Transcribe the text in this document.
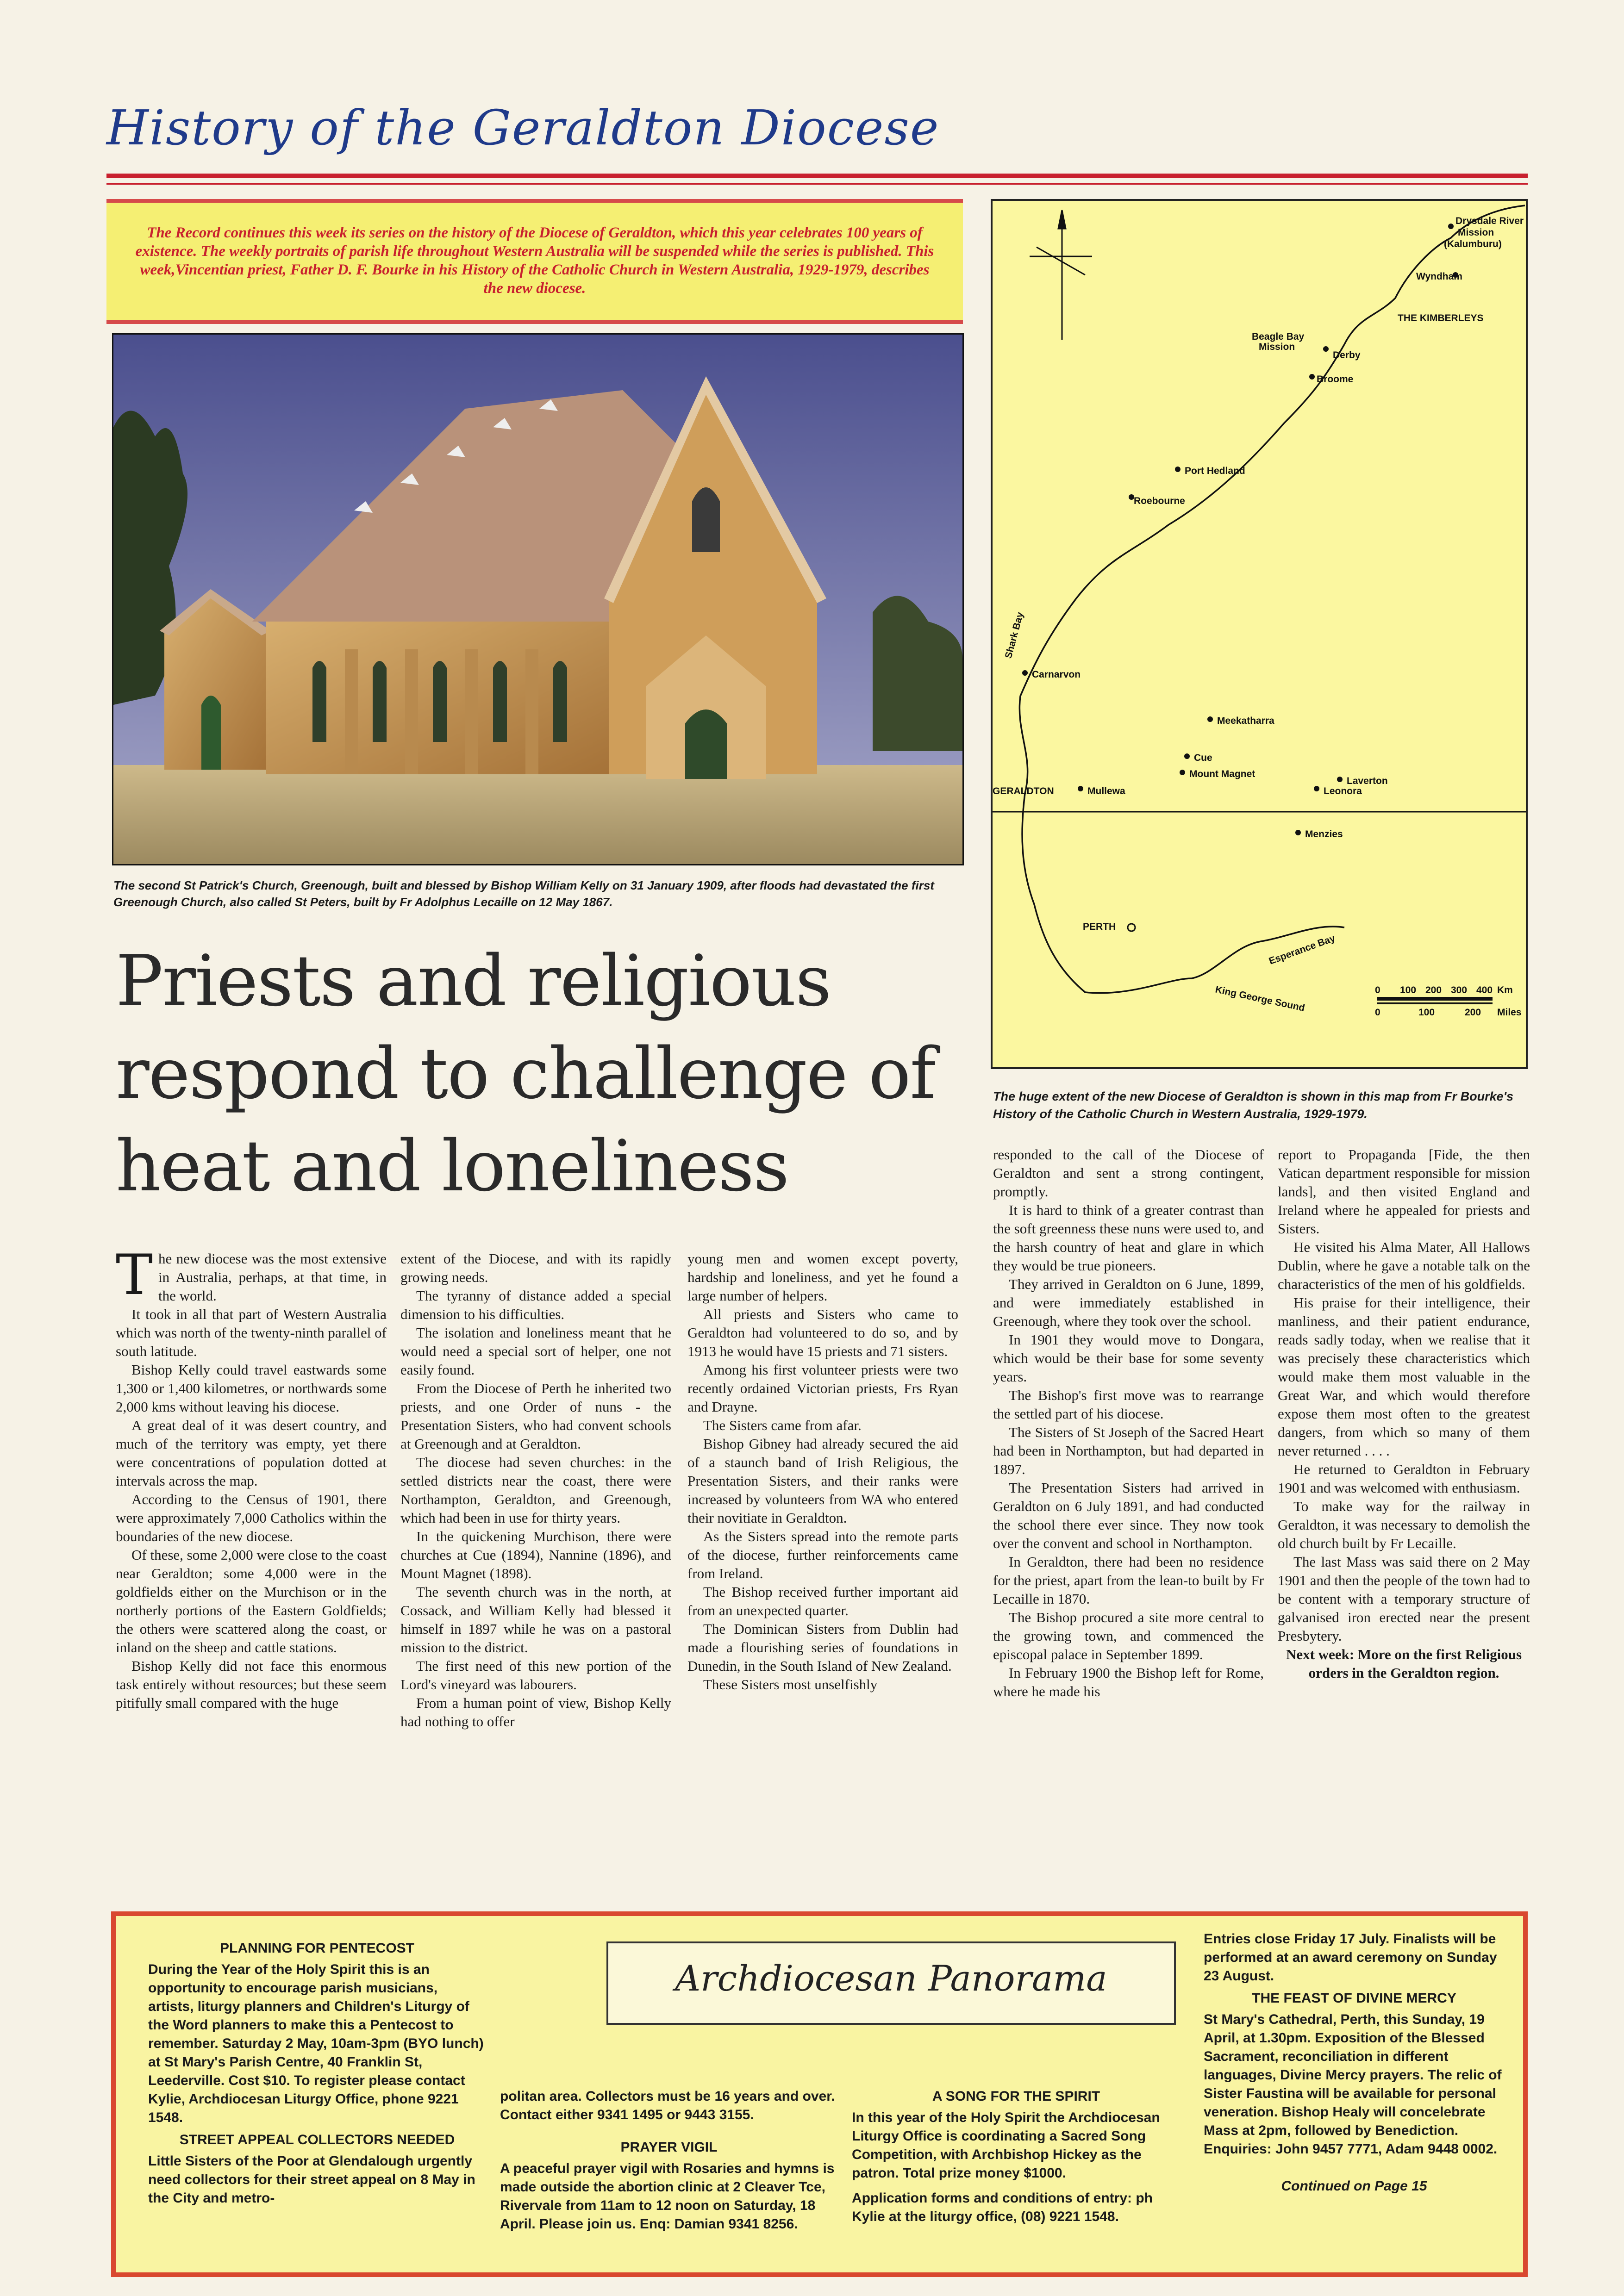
History of the Geraldton Diocese
The Record continues this week its series on the history of the Diocese of Geraldton, which this year celebrates 100 years of existence. The weekly portraits of parish life throughout Western Australia will be suspended while the series is published. This week,Vincentian priest, Father D. F. Bourke in his History of the Catholic Church in Western Australia, 1929-1979, describes the new diocese.
The second St Patrick's Church, Greenough, built and blessed by Bishop William Kelly on 31 January 1909, after floods had devastated the first Greenough Church, also called St Peters, built by Fr Adolphus Lecaille on 12 May 1867.
Drysdale River
Mission
(Kalumburu)
Wyndham
THE KIMBERLEYS
Beagle Bay
Mission
Derby
Broome
Port Hedland
Roebourne
Shark Bay
Carnarvon
Meekatharra
Cue
Mount Magnet
Laverton
Leonora
GERALDTON	Mullewa
Menzies
PERTH
Esperance Bay
King George Sound	0 100 200 300 400 Km
0	100	200 Miles
The huge extent of the new Diocese of Geraldton is shown in this map from Fr Bourke's History of the Catholic Church in Western Australia, 1929-1979.
Priests and religious respond to challenge of heat and loneliness

The new diocese was the most extensive in Australia, perhaps, at that time, in the world.

It took in all that part of Western Australia which was north of the twenty-ninth parallel of south latitude.

Bishop Kelly could travel eastwards some 1,300 or 1,400 kilometres, or northwards some 2,000 kms without leaving his diocese.

A great deal of it was desert country, and much of the territory was empty, yet there were concentrations of population dotted at intervals across the map.

According to the Census of 1901, there were approximately 7,000 Catholics within the boundaries of the new diocese.

Of these, some 2,000 were close to the coast near Geraldton; some 4,000 were in the goldfields either on the Murchison or in the northerly portions of the Eastern Goldfields; the others were scattered along the coast, or inland on the sheep and cattle stations.

Bishop Kelly did not face this enormous task entirely without resources; but these seem pitifully small compared with the huge

extent of the Diocese, and with its rapidly growing needs.

The tyranny of distance added a special dimension to his difficulties.

The isolation and loneliness meant that he would need a special sort of helper, one not easily found.

From the Diocese of Perth he inherited two priests, and one Order of nuns - the Presentation Sisters, who had convent schools at Greenough and at Geraldton.

The diocese had seven churches: in the settled districts near the coast, there were Northampton, Geraldton, and Greenough, which had been in use for thirty years.

In the quickening Murchison, there were churches at Cue (1894), Nannine (1896), and Mount Magnet (1898).

The seventh church was in the north, at Cossack, and William Kelly had blessed it himself in 1897 while he was on a pastoral mission to the district.

The first need of this new portion of the Lord's vineyard was labourers.

From a human point of view, Bishop Kelly had nothing to offer

young men and women except poverty, hardship and loneliness, and yet he found a large number of helpers.

All priests and Sisters who came to Geraldton had volunteered to do so, and by 1913 he would have 15 priests and 71 sisters.

Among his first volunteer priests were two recently ordained Victorian priests, Frs Ryan and Drayne.

The Sisters came from afar.

Bishop Gibney had already secured the aid of a staunch band of Irish Religious, the Presentation Sisters, and their ranks were increased by volunteers from WA who entered their novitiate in Geraldton.

As the Sisters spread into the remote parts of the diocese, further reinforcements came from Ireland.

The Bishop received further important aid from an unexpected quarter.

The Dominican Sisters from Dublin had made a flourishing series of foundations in Dunedin, in the South Island of New Zealand.

These Sisters most unselfishly

responded to the call of the Diocese of Geraldton and sent a strong contingent, promptly.

It is hard to think of a greater contrast than the soft greenness these nuns were used to, and the harsh country of heat and glare in which they would be true pioneers.

They arrived in Geraldton on 6 June, 1899, and were immediately established in Greenough, where they took over the school.

In 1901 they would move to Dongara, which would be their base for some seventy years.

The Bishop's first move was to rearrange the settled part of his diocese.

The Sisters of St Joseph of the Sacred Heart had been in Northampton, but had departed in 1897.

The Presentation Sisters had arrived in Geraldton on 6 July 1891, and had conducted the school there ever since. They now took over the convent and school in Northampton.

In Geraldton, there had been no residence for the priest, apart from the lean-to built by Fr Lecaille in 1870.

The Bishop procured a site more central to the growing town, and commenced the episcopal palace in September 1899.

In February 1900 the Bishop left for Rome, where he made his

report to Propaganda [Fide, the then Vatican department responsible for mission lands], and then visited England and Ireland where he appealed for priests and Sisters.

He visited his Alma Mater, All Hallows Dublin, where he gave a notable talk on the characteristics of the men of his goldfields.

His praise for their intelligence, their manliness, and their patient endurance, reads sadly today, when we realise that it was precisely these characteristics which would make them most valuable in the Great War, and which would therefore expose them most often to the greatest dangers, from which so many of them never returned . . . .

He returned to Geraldton in February 1901 and was welcomed with enthusiasm.

To make way for the railway in Geraldton, it was necessary to demolish the old church built by Fr Lecaille.

The last Mass was said there on 2 May 1901 and then the people of the town had to be content with a temporary structure of galvanised iron erected near the present Presbytery.

Next week: More on the first Religious orders in the Geraldton region.

Archdiocesan Panorama
PLANNING FOR PENTECOST
During the Year of the Holy Spirit this is an opportunity to encourage parish musicians, artists, liturgy planners and Children's Liturgy of the Word planners to make this a Pentecost to remember. Saturday 2 May, 10am-3pm (BYO lunch) at St Mary's Parish Centre, 40 Franklin St, Leederville. Cost $10. To register please contact Kylie, Archdiocesan Liturgy Office, phone 9221 1548.
STREET APPEAL COLLECTORS NEEDED
Little Sisters of the Poor at Glendalough urgently need collectors for their street appeal on 8 May in the City and metro-
politan area. Collectors must be 16 years and over. Contact either 9341 1495 or 9443 3155.
PRAYER VIGIL
A peaceful prayer vigil with Rosaries and hymns is made outside the abortion clinic at 2 Cleaver Tce, Rivervale from 11am to 12 noon on Saturday, 18 April. Please join us. Enq: Damian 9341 8256.
A SONG FOR THE SPIRIT
In this year of the Holy Spirit the Archdiocesan Liturgy Office is coordinating a Sacred Song Competition, with Archbishop Hickey as the patron. Total prize money $1000.
Application forms and conditions of entry: ph Kylie at the liturgy office, (08) 9221 1548.
Entries close Friday 17 July. Finalists will be performed at an award ceremony on Sunday 23 August.
THE FEAST OF DIVINE MERCY
St Mary's Cathedral, Perth, this Sunday, 19 April, at 1.30pm. Exposition of the Blessed Sacrament, reconciliation in different languages, Divine Mercy prayers. The relic of Sister Faustina will be available for personal veneration. Bishop Healy will concelebrate Mass at 2pm, followed by Benediction. Enquiries: John 9457 7771, Adam 9448 0002.
Continued on Page 15
